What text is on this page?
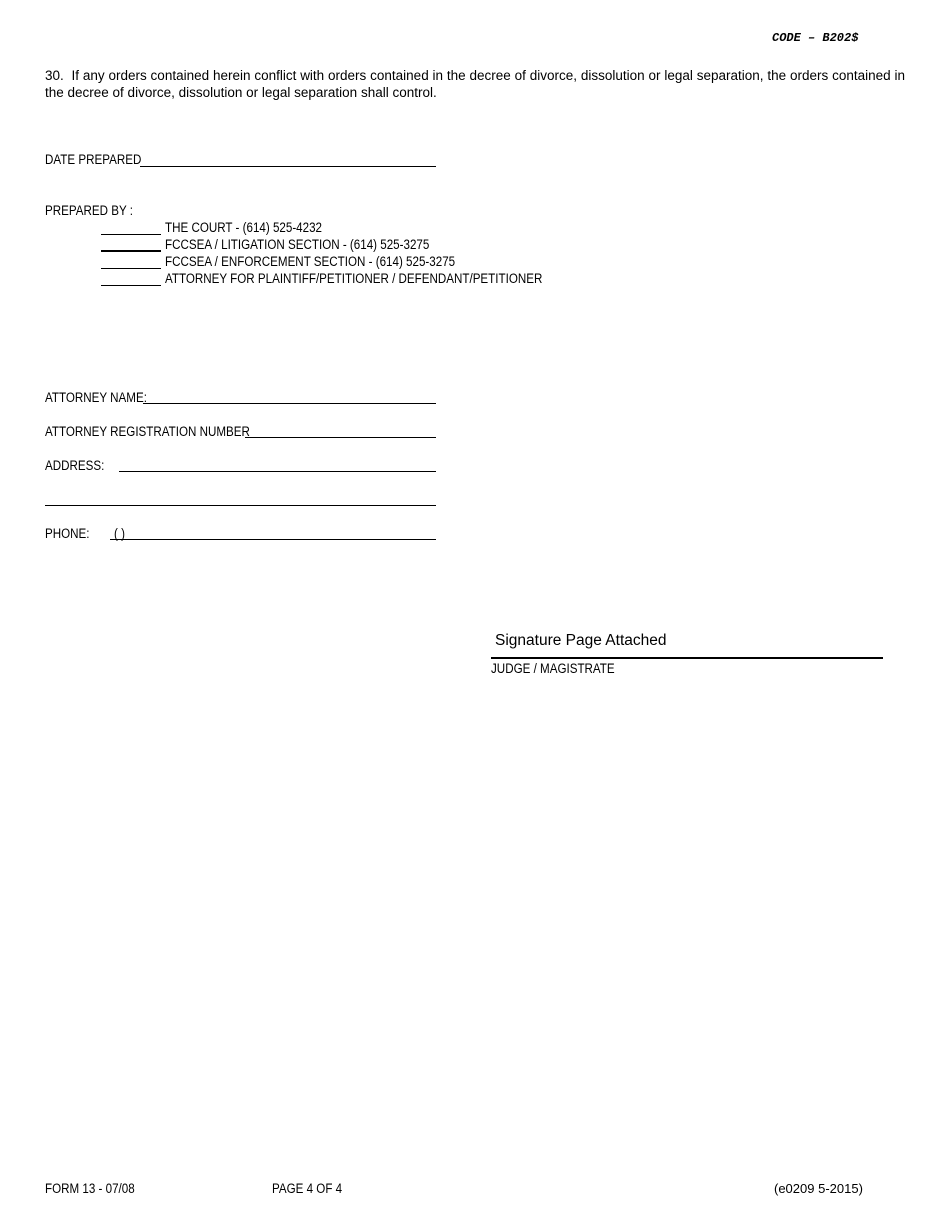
CODE – B202$
30. If any orders contained herein conflict with orders contained in the decree of divorce, dissolution or legal separation, the orders contained in the decree of divorce, dissolution or legal separation shall control.
DATE PREPARED
PREPARED BY :
THE COURT - (614) 525-4232
FCCSEA / LITIGATION SECTION - (614) 525-3275
FCCSEA / ENFORCEMENT SECTION - (614) 525-3275
ATTORNEY FOR PLAINTIFF/PETITIONER / DEFENDANT/PETITIONER
ATTORNEY NAME:
ATTORNEY REGISTRATION NUMBER
ADDRESS:
PHONE: ( )
Signature Page Attached
JUDGE / MAGISTRATE
FORM 13 - 07/08	PAGE 4 OF 4	(e0209 5-2015)
